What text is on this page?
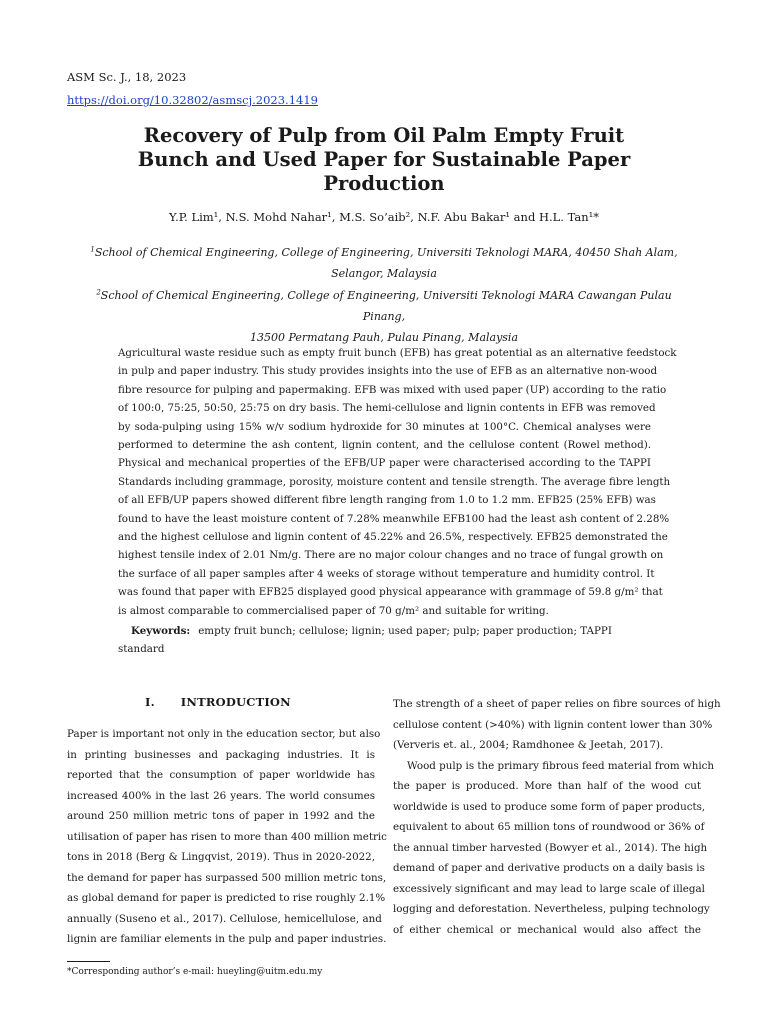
ASM Sc. J., 18, 2023
https://doi.org/10.32802/asmscj.2023.1419
Recovery of Pulp from Oil Palm Empty Fruit
Bunch and Used Paper for Sustainable Paper
Production
Y.P. Lim¹, N.S. Mohd Nahar¹, M.S. So’aib², N.F. Abu Bakar¹ and H.L. Tan¹*
$^1$School of Chemical Engineering, College of Engineering, Universiti Teknologi MARA, 40450 Shah Alam,
Selangor, Malaysia
$^2$School of Chemical Engineering, College of Engineering, Universiti Teknologi MARA Cawangan Pulau Pinang,
13500 Permatang Pauh, Pulau Pinang, Malaysia
Agricultural waste residue such as empty fruit bunch (EFB) has great potential as an alternative feedstock
in pulp and paper industry. This study provides insights into the use of EFB as an alternative non-wood
fibre resource for pulping and papermaking. EFB was mixed with used paper (UP) according to the ratio
of 100:0, 75:25, 50:50, 25:75 on dry basis. The hemi-cellulose and lignin contents in EFB was removed
by soda-pulping using 15% w/v sodium hydroxide for 30 minutes at 100°C. Chemical analyses were
performed to determine the ash content, lignin content, and the cellulose content (Rowel method).
Physical and mechanical properties of the EFB/UP paper were characterised according to the TAPPI
Standards including grammage, porosity, moisture content and tensile strength. The average fibre length
of all EFB/UP papers showed different fibre length ranging from 1.0 to 1.2 mm. EFB25 (25% EFB) was
found to have the least moisture content of 7.28% meanwhile EFB100 had the least ash content of 2.28%
and the highest cellulose and lignin content of 45.22% and 26.5%, respectively. EFB25 demonstrated the
highest tensile index of 2.01 Nm/g. There are no major colour changes and no trace of fungal growth on
the surface of all paper samples after 4 weeks of storage without temperature and humidity control. It
was found that paper with EFB25 displayed good physical appearance with grammage of 59.8 g/m² that
is almost comparable to commercialised paper of 70 g/m² and suitable for writing.
Keywords: empty fruit bunch; cellulose; lignin; used paper; pulp; paper production; TAPPI
standard
I. INTRODUCTION
Paper is important not only in the education sector, but also
in printing businesses and packaging industries. It is
reported that the consumption of paper worldwide has
increased 400% in the last 26 years. The world consumes
around 250 million metric tons of paper in 1992 and the
utilisation of paper has risen to more than 400 million metric
tons in 2018 (Berg & Lingqvist, 2019). Thus in 2020-2022,
the demand for paper has surpassed 500 million metric tons,
as global demand for paper is predicted to rise roughly 2.1%
annually (Suseno et al., 2017). Cellulose, hemicellulose, and
lignin are familiar elements in the pulp and paper industries.
The strength of a sheet of paper relies on fibre sources of high
cellulose content (>40%) with lignin content lower than 30%
(Ververis et. al., 2004; Ramdhonee & Jeetah, 2017).
Wood pulp is the primary fibrous feed material from which
the paper is produced. More than half of the wood cut
worldwide is used to produce some form of paper products,
equivalent to about 65 million tons of roundwood or 36% of
the annual timber harvested (Bowyer et al., 2014). The high
demand of paper and derivative products on a daily basis is
excessively significant and may lead to large scale of illegal
logging and deforestation. Nevertheless, pulping technology
of either chemical or mechanical would also affect the
*Corresponding author’s e-mail: hueyling@uitm.edu.my
